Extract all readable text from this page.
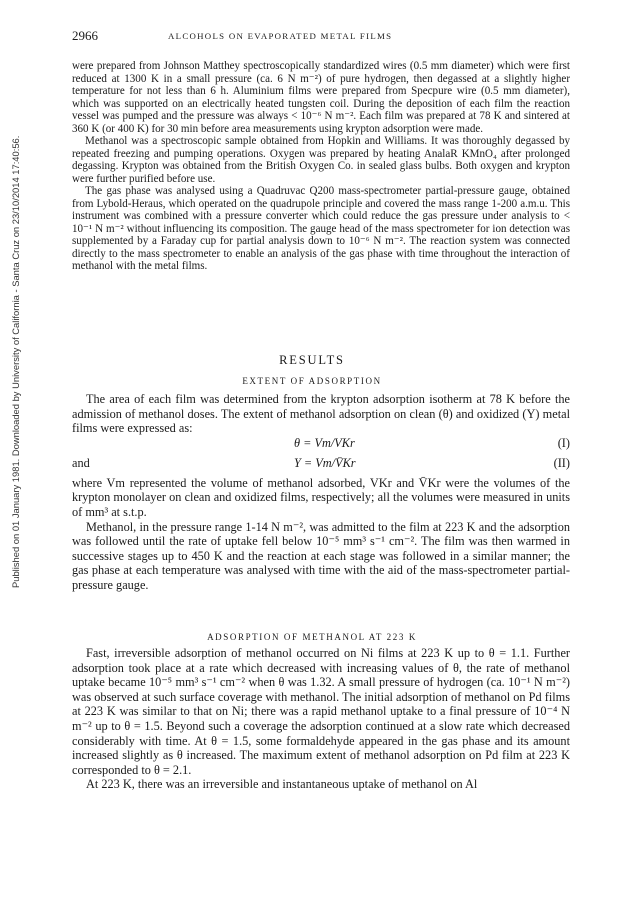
Published on 01 January 1981. Downloaded by University of California - Santa Cruz on 23/10/2014 17:40:56.
2966	ALCOHOLS ON EVAPORATED METAL FILMS

were prepared from Johnson Matthey spectroscopically standardized wires (0.5 mm diameter) which were first reduced at 1300 K in a small pressure (ca. 6 N m⁻²) of pure hydrogen, then degassed at a slightly higher temperature for not less than 6 h. Aluminium films were prepared from Specpure wire (0.5 mm diameter), which was supported on an electrically heated tungsten coil. During the deposition of each film the reaction vessel was pumped and the pressure was always < 10⁻⁶ N m⁻². Each film was prepared at 78 K and sintered at 360 K (or 400 K) for 30 min before area measurements using krypton adsorption were made.

Methanol was a spectroscopic sample obtained from Hopkin and Williams. It was thoroughly degassed by repeated freezing and pumping operations. Oxygen was prepared by heating AnalaR KMnO₄ after prolonged degassing. Krypton was obtained from the British Oxygen Co. in sealed glass bulbs. Both oxygen and krypton were further purified before use.

The gas phase was analysed using a Quadruvac Q200 mass-spectrometer partial-pressure gauge, obtained from Lybold-Heraus, which operated on the quadrupole principle and covered the mass range 1-200 a.m.u. This instrument was combined with a pressure converter which could reduce the gas pressure under analysis to < 10⁻¹ N m⁻² without influencing its composition. The gauge head of the mass spectrometer for ion detection was supplemented by a Faraday cup for partial analysis down to 10⁻⁶ N m⁻². The reaction system was connected directly to the mass spectrometer to enable an analysis of the gas phase with time throughout the interaction of methanol with the metal films.

RESULTS
EXTENT OF ADSORPTION

The area of each film was determined from the krypton adsorption isotherm at 78 K before the admission of methanol doses. The extent of methanol adsorption on clean (θ) and oxidized (Y) metal films were expressed as:

θ = Vm/VKr	(I)
and	Y = Vm/V̄Kr	(II)

where Vm represented the volume of methanol adsorbed, VKr and V̄Kr were the volumes of the krypton monolayer on clean and oxidized films, respectively; all the volumes were measured in units of mm³ at s.t.p.

Methanol, in the pressure range 1-14 N m⁻², was admitted to the film at 223 K and the adsorption was followed until the rate of uptake fell below 10⁻⁵ mm³ s⁻¹ cm⁻². The film was then warmed in successive stages up to 450 K and the reaction at each stage was followed in a similar manner; the gas phase at each temperature was analysed with time with the aid of the mass-spectrometer partial-pressure gauge.

ADSORPTION OF METHANOL AT 223 K

Fast, irreversible adsorption of methanol occurred on Ni films at 223 K up to θ = 1.1. Further adsorption took place at a rate which decreased with increasing values of θ, the rate of methanol uptake became 10⁻⁵ mm³ s⁻¹ cm⁻² when θ was 1.32. A small pressure of hydrogen (ca. 10⁻¹ N m⁻²) was observed at such surface coverage with methanol. The initial adsorption of methanol on Pd films at 223 K was similar to that on Ni; there was a rapid methanol uptake to a final pressure of 10⁻⁴ N m⁻² up to θ = 1.5. Beyond such a coverage the adsorption continued at a slow rate which decreased considerably with time. At θ = 1.5, some formaldehyde appeared in the gas phase and its amount increased slightly as θ increased. The maximum extent of methanol adsorption on Pd film at 223 K corresponded to θ = 2.1.

At 223 K, there was an irreversible and instantaneous uptake of methanol on Al
